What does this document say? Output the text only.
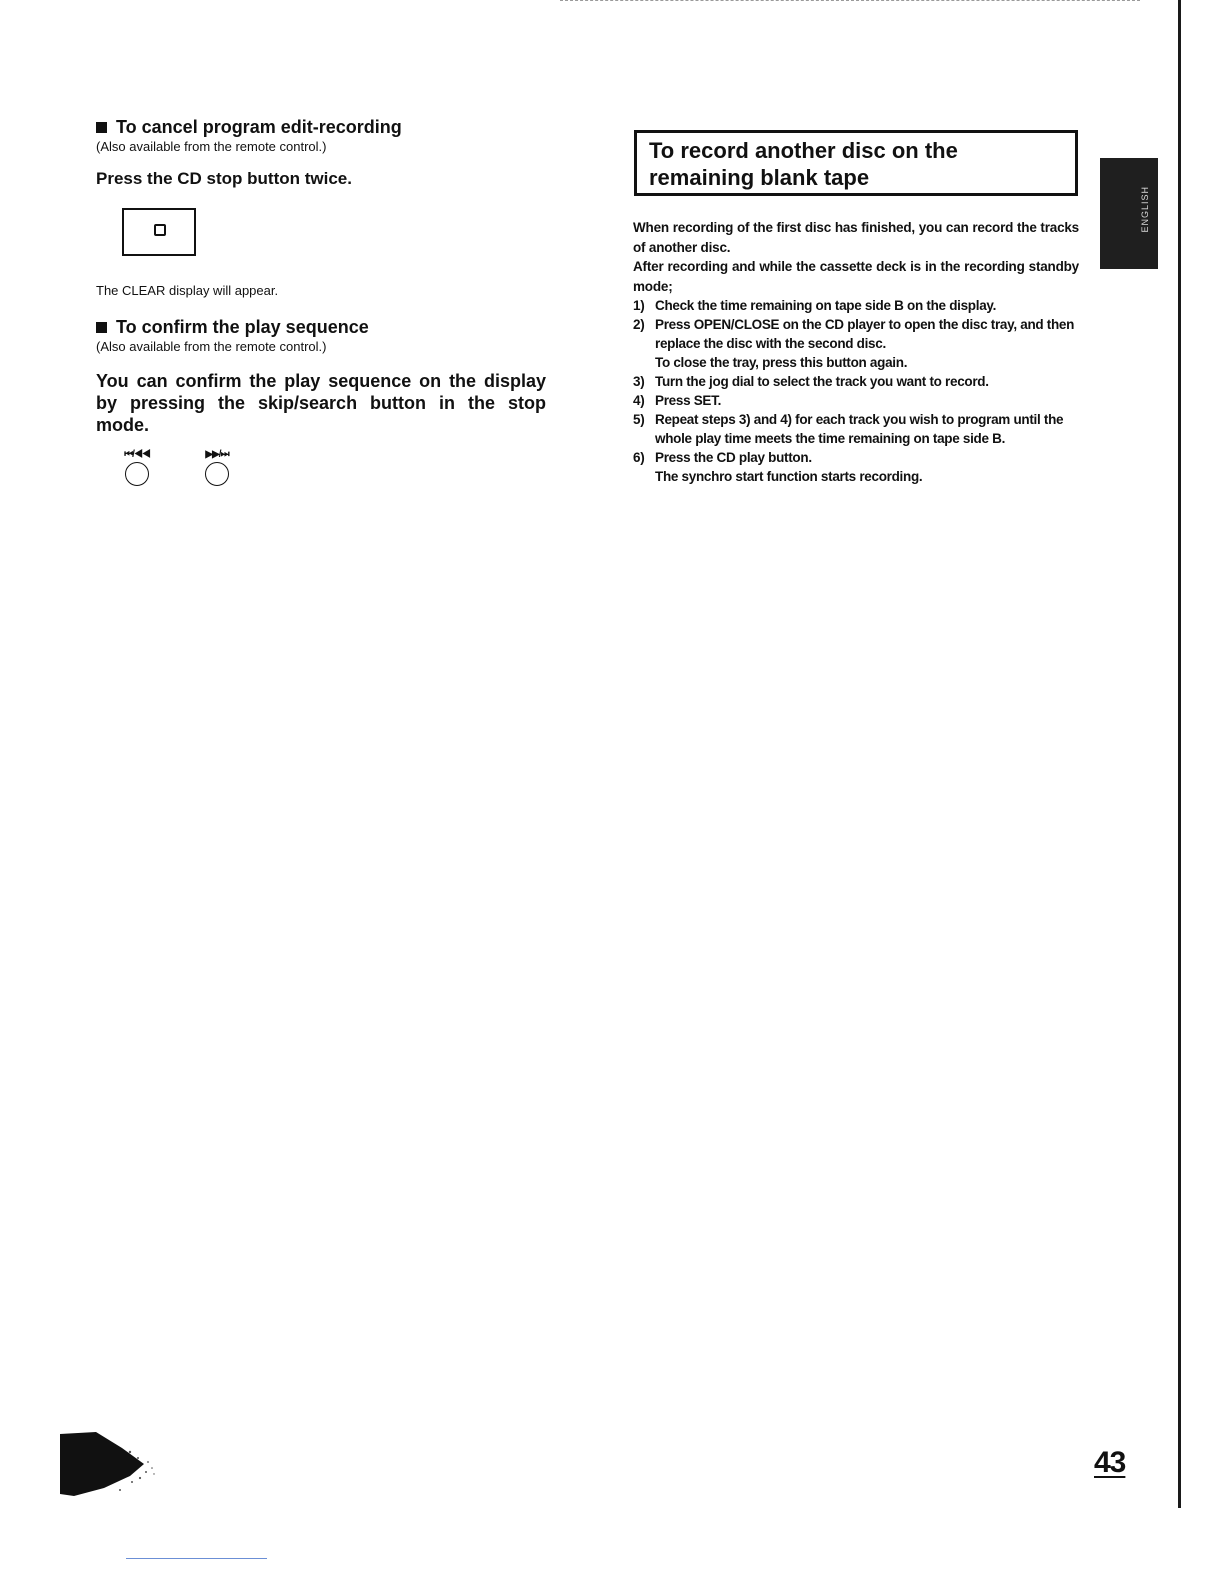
To cancel program edit-recording

(Also available from the remote control.)

Press the CD stop button twice.

The CLEAR display will appear.

To confirm the play sequence

(Also available from the remote control.)

You can confirm the play sequence on the display by pressing the skip/search button in the stop mode.

⏮/◀◀	▶▶/⏭
To record another disc on the remaining blank tape

When recording of the first disc has finished, you can record the tracks of another disc.

After recording and while the cassette deck is in the recording standby mode;

1) Check the time remaining on tape side B on the display.
2) Press OPEN/CLOSE on the CD player to open the disc tray, and then replace the disc with the second disc.
To close the tray, press this button again.
3) Turn the jog dial to select the track you want to record.
4) Press SET.
5) Repeat steps 3) and 4) for each track you wish to program until the whole play time meets the time remaining on tape side B.
6) Press the CD play button.
The synchro start function starts recording.
ENGLISH
43
